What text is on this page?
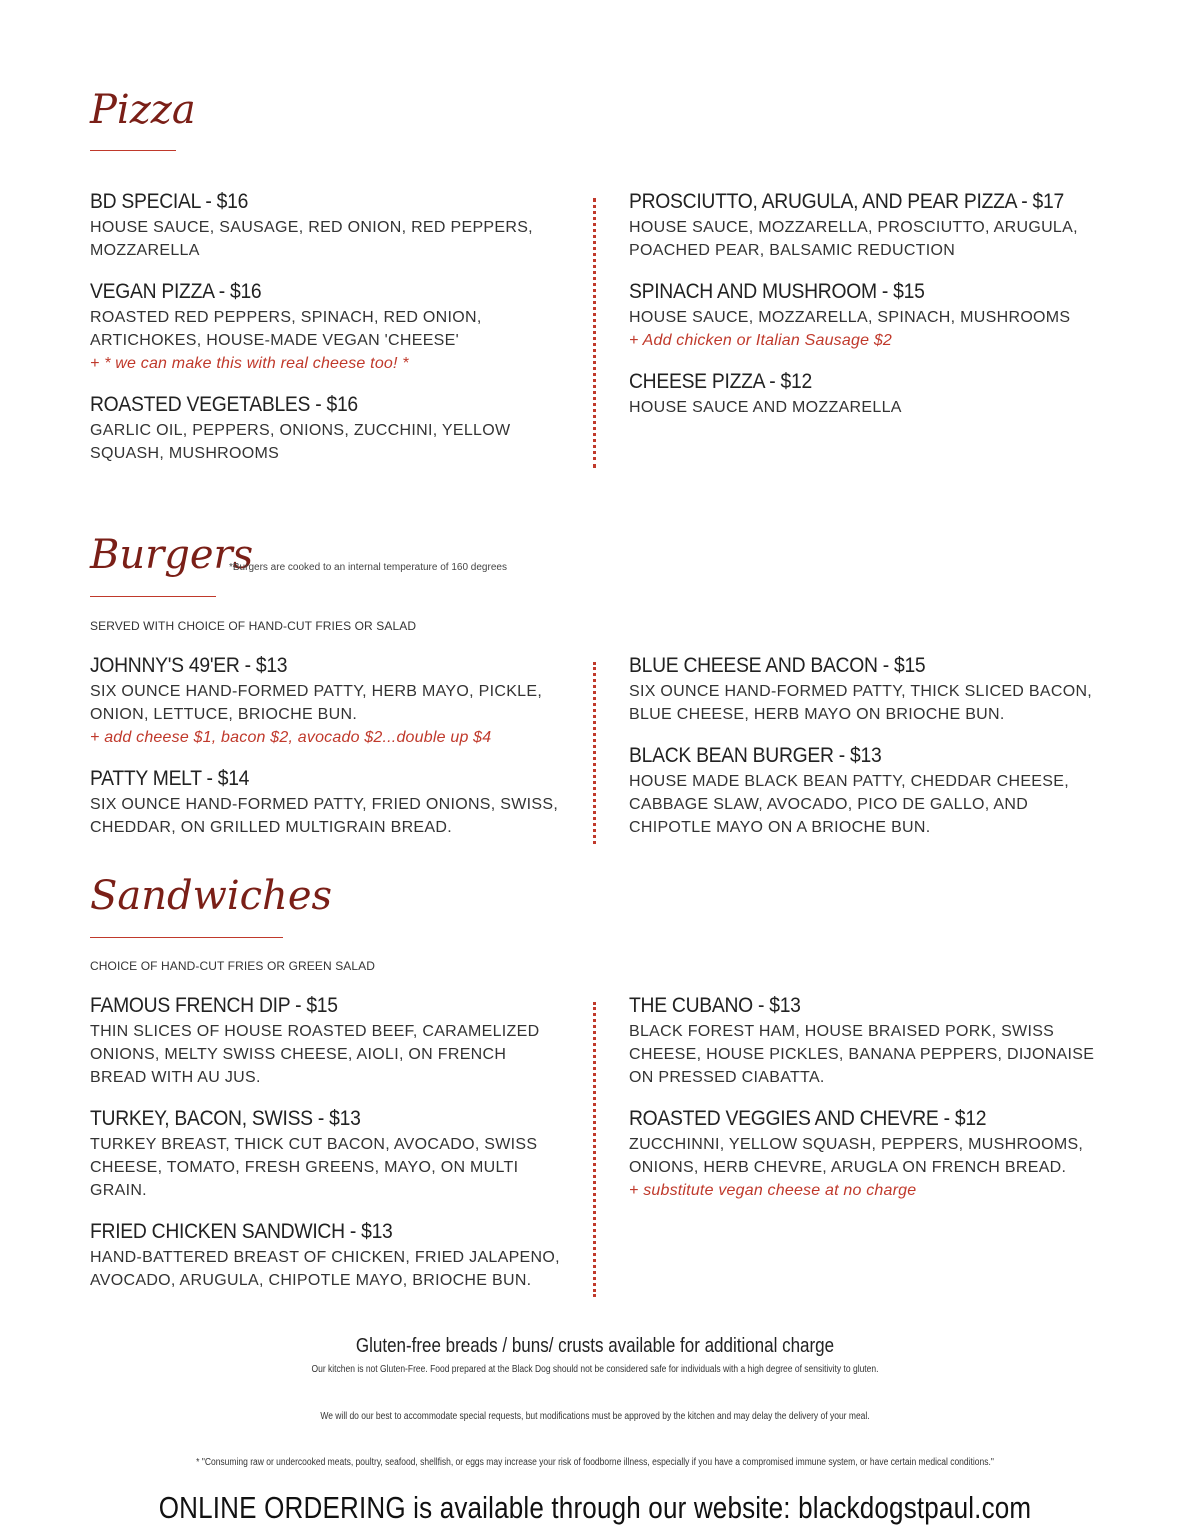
Pizza
BD SPECIAL - $16
HOUSE SAUCE, SAUSAGE, RED ONION, RED PEPPERS, MOZZARELLA
VEGAN PIZZA - $16
ROASTED RED PEPPERS, SPINACH, RED ONION, ARTICHOKES, HOUSE-MADE VEGAN 'CHEESE'
+ * we can make this with real cheese too! *
ROASTED VEGETABLES - $16
GARLIC OIL, PEPPERS, ONIONS, ZUCCHINI, YELLOW SQUASH, MUSHROOMS
PROSCIUTTO, ARUGULA, AND PEAR PIZZA - $17
HOUSE SAUCE, MOZZARELLA, PROSCIUTTO, ARUGULA, POACHED PEAR, BALSAMIC REDUCTION
SPINACH AND MUSHROOM - $15
HOUSE SAUCE, MOZZARELLA, SPINACH, MUSHROOMS
+ Add chicken or Italian Sausage $2
CHEESE PIZZA - $12
HOUSE SAUCE AND MOZZARELLA
Burgers
*Burgers are cooked to an internal temperature of 160 degrees
SERVED WITH CHOICE OF HAND-CUT FRIES OR SALAD
JOHNNY'S 49'ER - $13
SIX OUNCE HAND-FORMED PATTY, HERB MAYO, PICKLE, ONION, LETTUCE, BRIOCHE BUN.
+ add cheese $1, bacon $2, avocado $2...double up $4
PATTY MELT - $14
SIX OUNCE HAND-FORMED PATTY, FRIED ONIONS, SWISS, CHEDDAR, ON GRILLED MULTIGRAIN BREAD.
BLUE CHEESE AND BACON - $15
SIX OUNCE HAND-FORMED PATTY, THICK SLICED BACON, BLUE CHEESE, HERB MAYO ON BRIOCHE BUN.
BLACK BEAN BURGER - $13
HOUSE MADE BLACK BEAN PATTY, CHEDDAR CHEESE, CABBAGE SLAW, AVOCADO, PICO DE GALLO, AND CHIPOTLE MAYO ON A BRIOCHE BUN.
Sandwiches
CHOICE OF HAND-CUT FRIES OR GREEN SALAD
FAMOUS FRENCH DIP - $15
THIN SLICES OF HOUSE ROASTED BEEF, CARAMELIZED ONIONS, MELTY SWISS CHEESE, AIOLI, ON FRENCH BREAD WITH AU JUS.
TURKEY, BACON, SWISS - $13
TURKEY BREAST, THICK CUT BACON, AVOCADO, SWISS CHEESE, TOMATO, FRESH GREENS, MAYO, ON MULTI GRAIN.
FRIED CHICKEN SANDWICH - $13
HAND-BATTERED BREAST OF CHICKEN, FRIED JALAPENO, AVOCADO, ARUGULA, CHIPOTLE MAYO, BRIOCHE BUN.
THE CUBANO - $13
BLACK FOREST HAM, HOUSE BRAISED PORK, SWISS CHEESE, HOUSE PICKLES, BANANA PEPPERS, DIJONAISE ON PRESSED CIABATTA.
ROASTED VEGGIES AND CHEVRE - $12
ZUCCHINNI, YELLOW SQUASH, PEPPERS, MUSHROOMS, ONIONS, HERB CHEVRE, ARUGLA ON FRENCH BREAD.
+ substitute vegan cheese at no charge
Gluten-free breads / buns/ crusts available for additional charge
Our kitchen is not Gluten-Free. Food prepared at the Black Dog should not be considered safe for individuals with a high degree of sensitivity to gluten.
We will do our best to accommodate special requests, but modifications must be approved by the kitchen and may delay the delivery of your meal.
* "Consuming raw or undercooked meats, poultry, seafood, shellfish, or eggs may increase your risk of foodborne illness, especially if you have a compromised immune system, or have certain medical conditions."
ONLINE ORDERING is available through our website: blackdogstpaul.com
